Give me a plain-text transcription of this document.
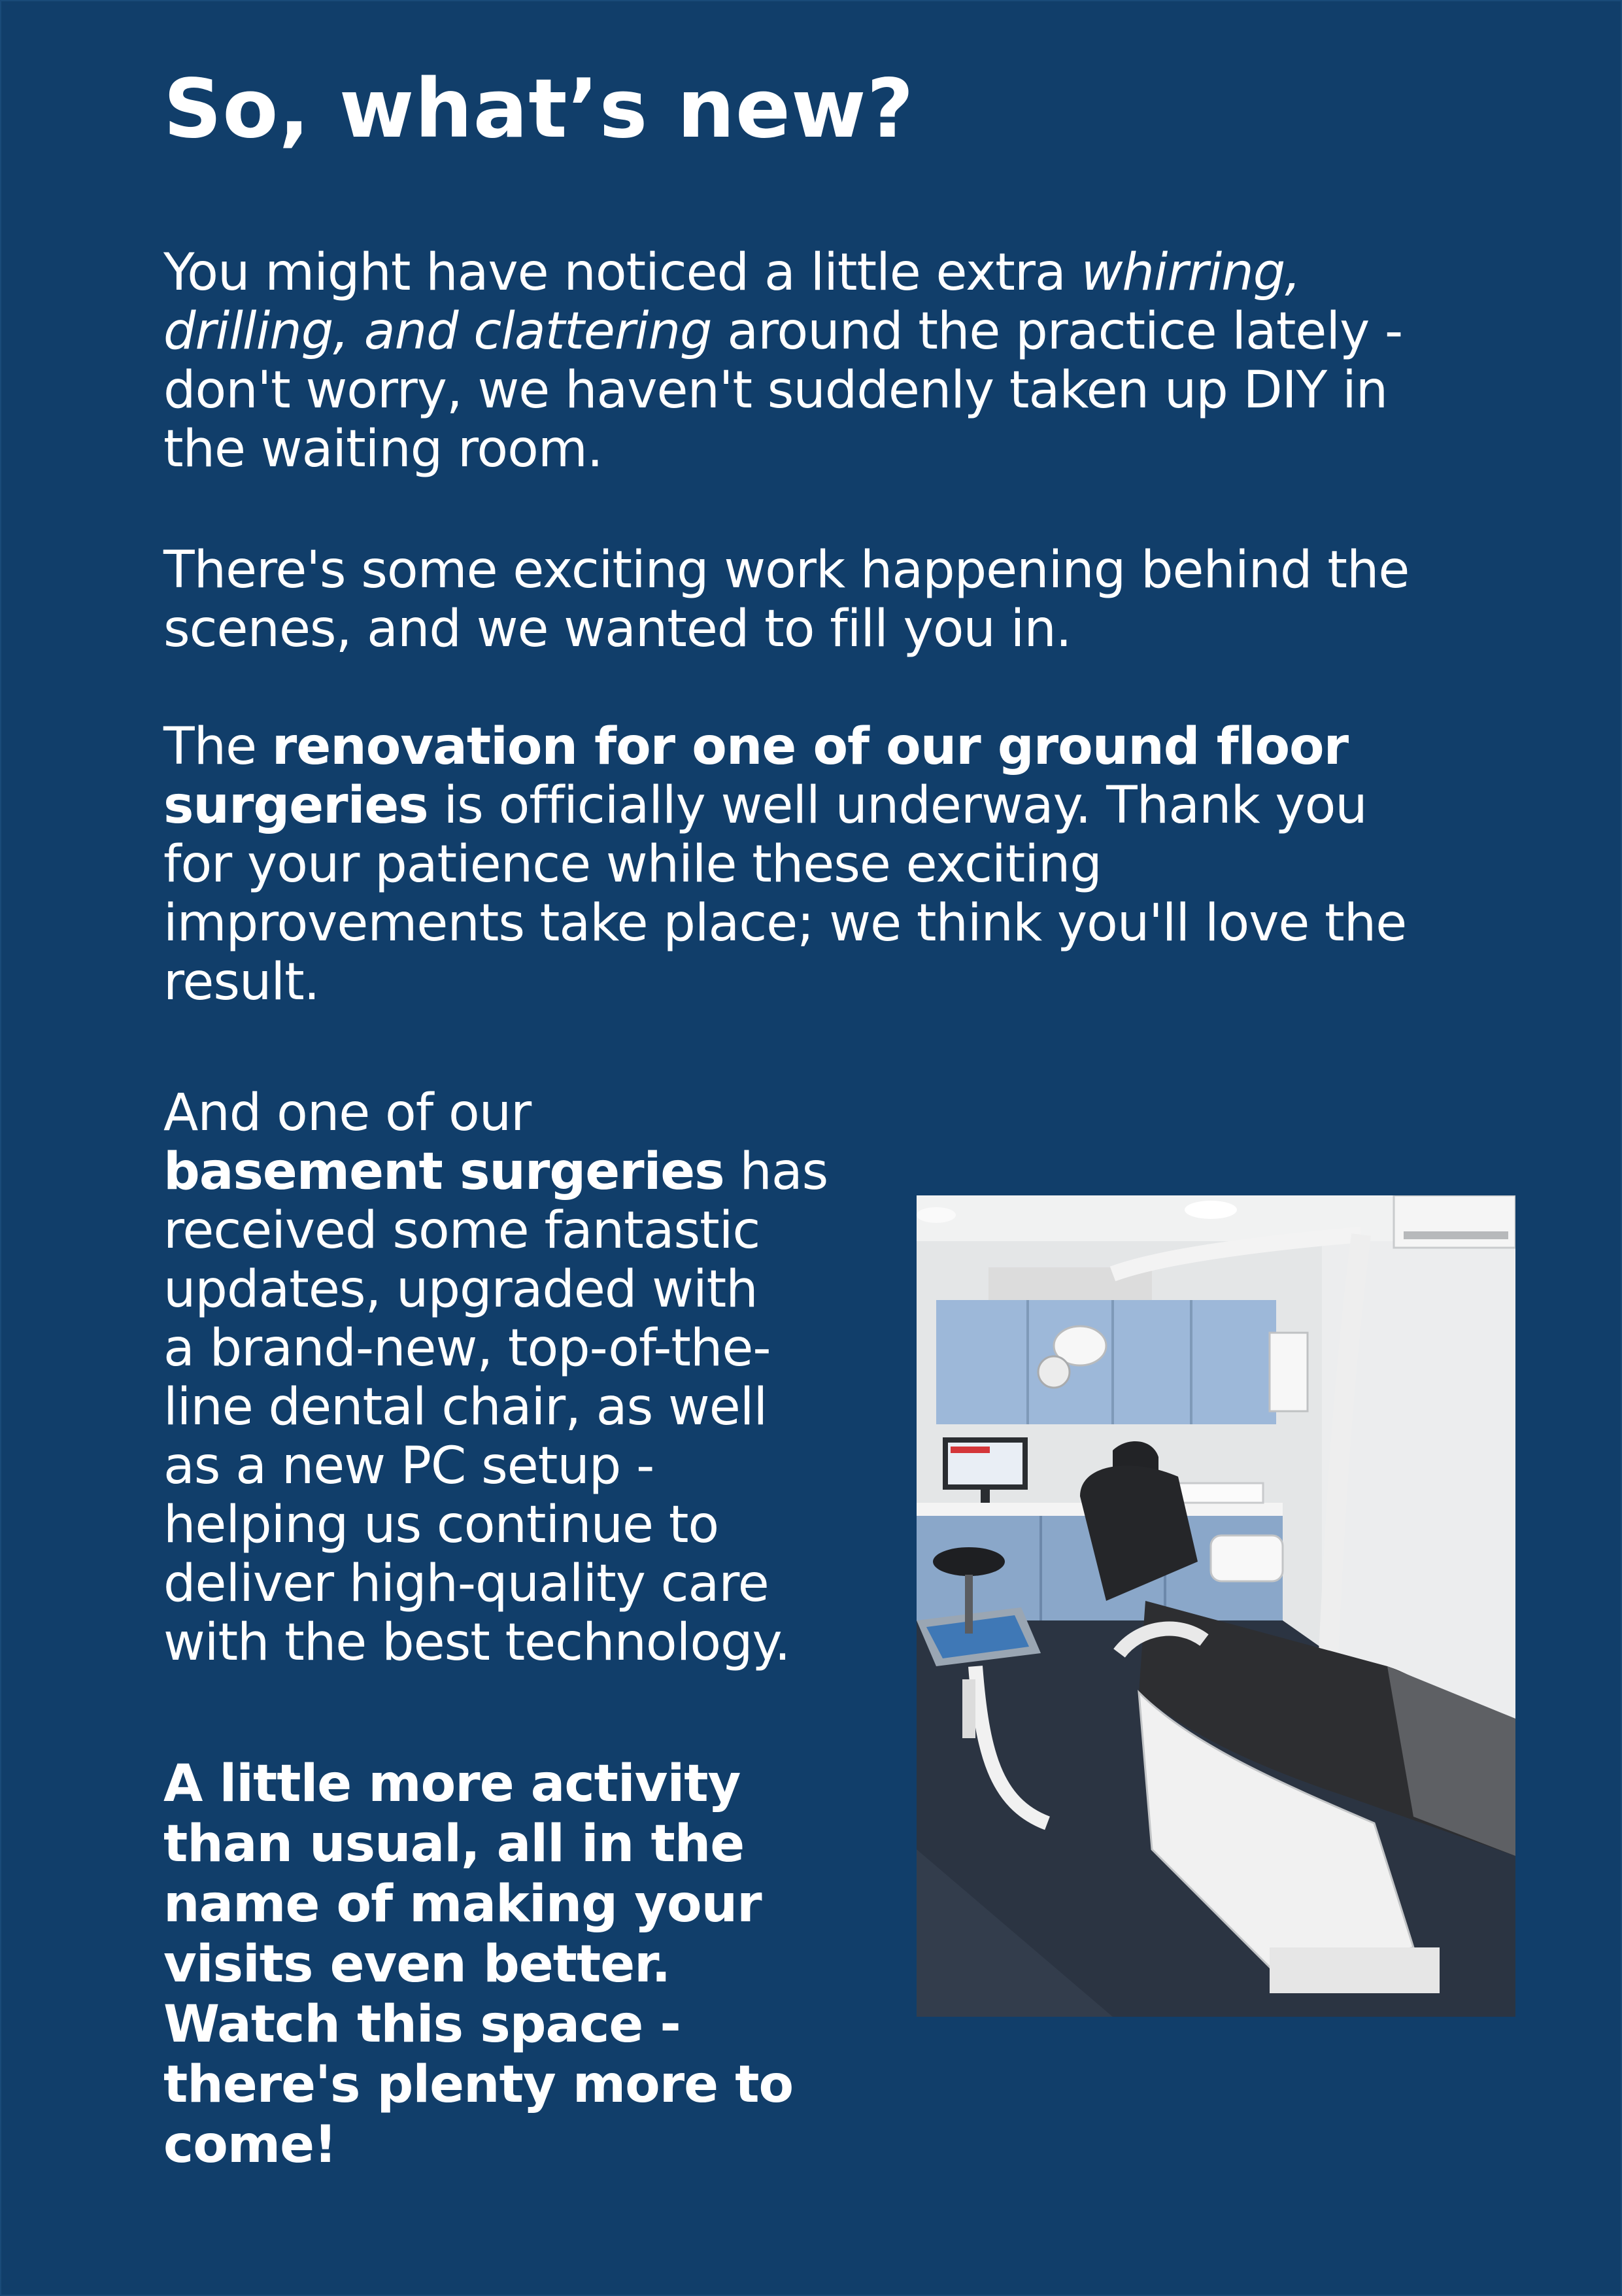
So, what’s new?

You might have noticed a little extra whirring,
drilling, and clattering around the practice lately -
don't worry, we haven't suddenly taken up DIY in
the waiting room.

There's some exciting work happening behind the
scenes, and we wanted to fill you in.

The renovation for one of our ground floor
surgeries is officially well underway. Thank you
for your patience while these exciting
improvements take place; we think you'll love the
result.

And one of our
basement surgeries has
received some fantastic
updates, upgraded with
a brand-new, top-of-the-
line dental chair, as well
as a new PC setup -
helping us continue to
deliver high-quality care
with the best technology.

A little more activity
than usual, all in the
name of making your
visits even better.
Watch this space -
there's plenty more to
come!
